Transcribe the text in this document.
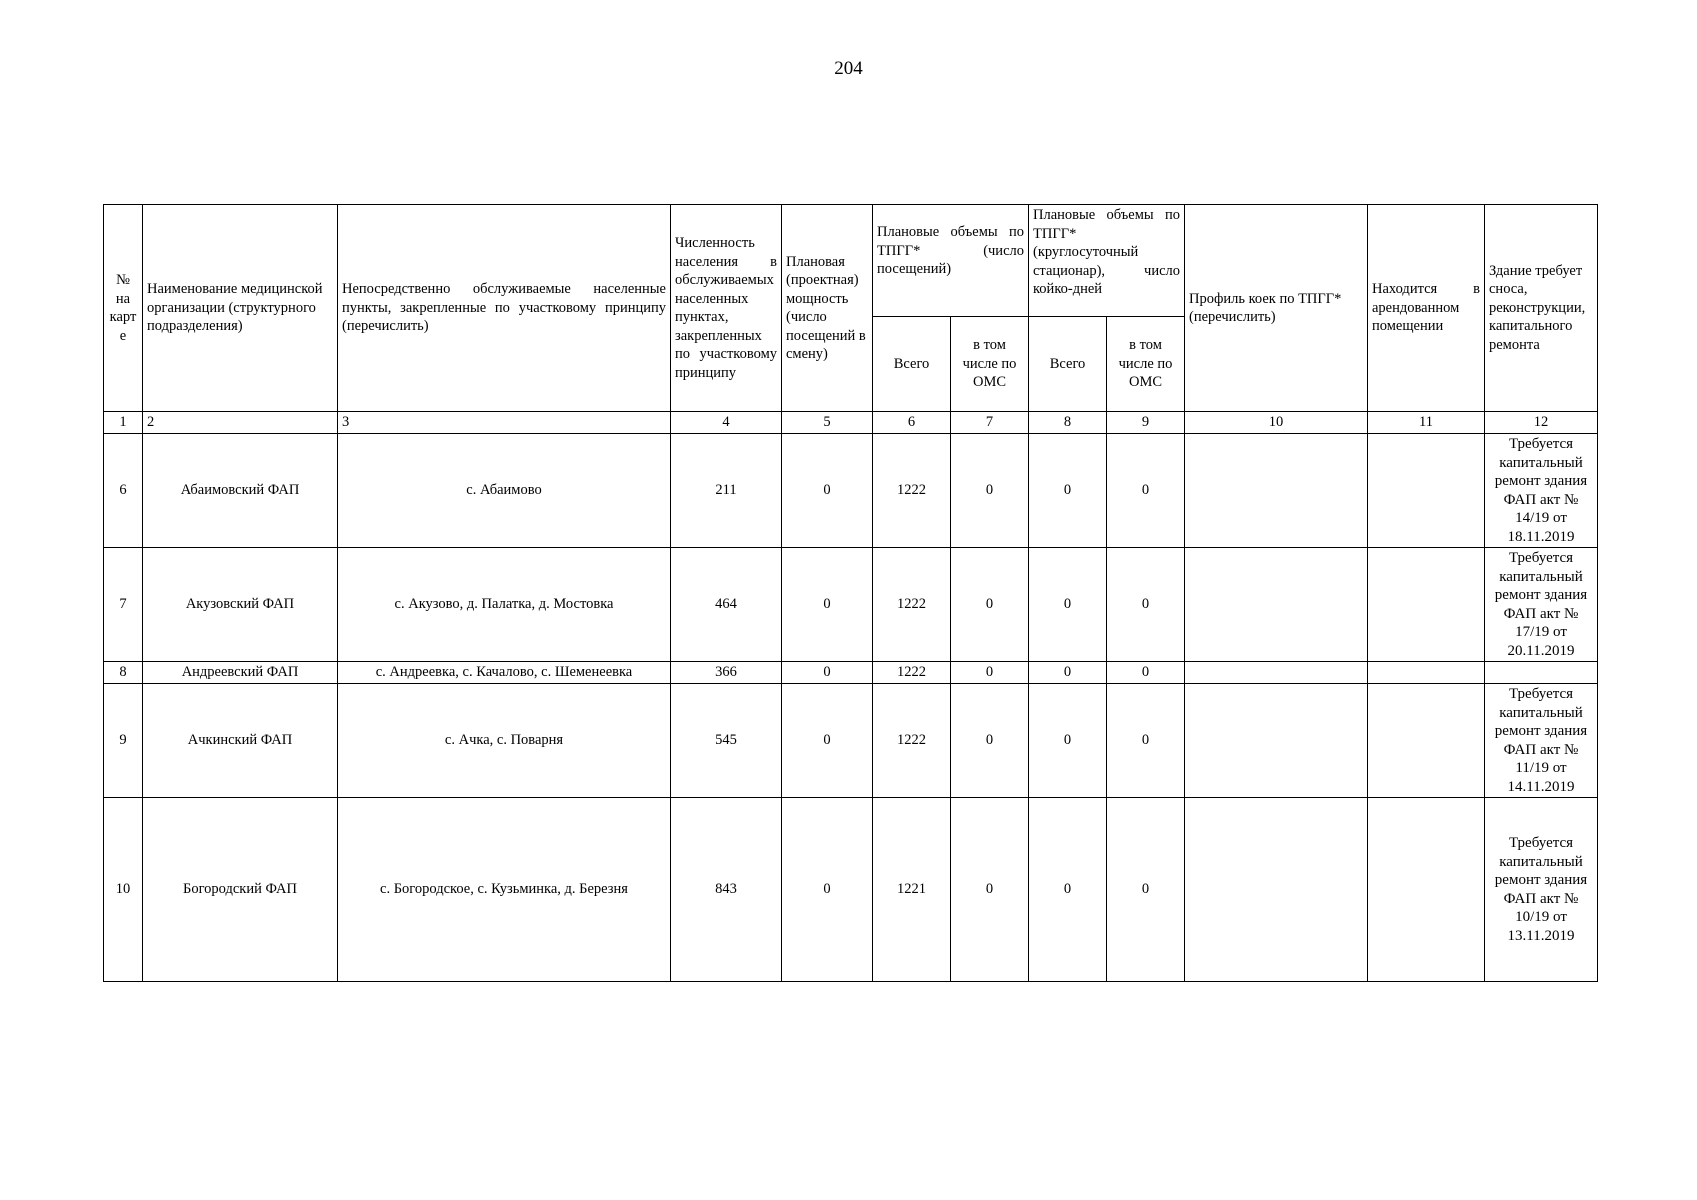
204
№ на карте	Наименование медицинской организации (структурного подразделения)	Непосредственно обслуживаемые населенные пункты, закрепленные по участковому принципу (перечислить)	Численность населения в обслуживаемых населенных пунктах, закрепленных по участковому принципу	Плановая (проектная) мощность (число посещений в смену)	Плановые объемы по ТПГГ* (число посещений)		Плановые объемы по ТПГГ* (круглосуточный стационар), число койко-дней		Профиль коек по ТПГГ* (перечислить)	Находится в арендованном помещении	Здание требует сноса, реконструкции, капитального ремонта
					Всего	в том числе по ОМС	Всего	в том числе по ОМС			
1	2	3	4	5	6	7	8	9	10	11	12
6	Абаимовский ФАП	с. Абаимово	211	0	1222	0	0	0			Требуется капитальный ремонт здания ФАП акт № 14/19 от 18.11.2019
7	Акузовский ФАП	с. Акузово, д. Палатка, д. Мостовка	464	0	1222	0	0	0			Требуется капитальный ремонт здания ФАП акт № 17/19 от 20.11.2019
8	Андреевский ФАП	с. Андреевка, с. Качалово, с. Шеменеевка	366	0	1222	0	0	0			
9	Ачкинский ФАП	с. Ачка, с. Поварня	545	0	1222	0	0	0			Требуется капитальный ремонт здания ФАП акт № 11/19 от 14.11.2019
10	Богородский ФАП	с. Богородское, с. Кузьминка, д. Березня	843	0	1221	0	0	0			Требуется капитальный ремонт здания ФАП акт № 10/19 от 13.11.2019
